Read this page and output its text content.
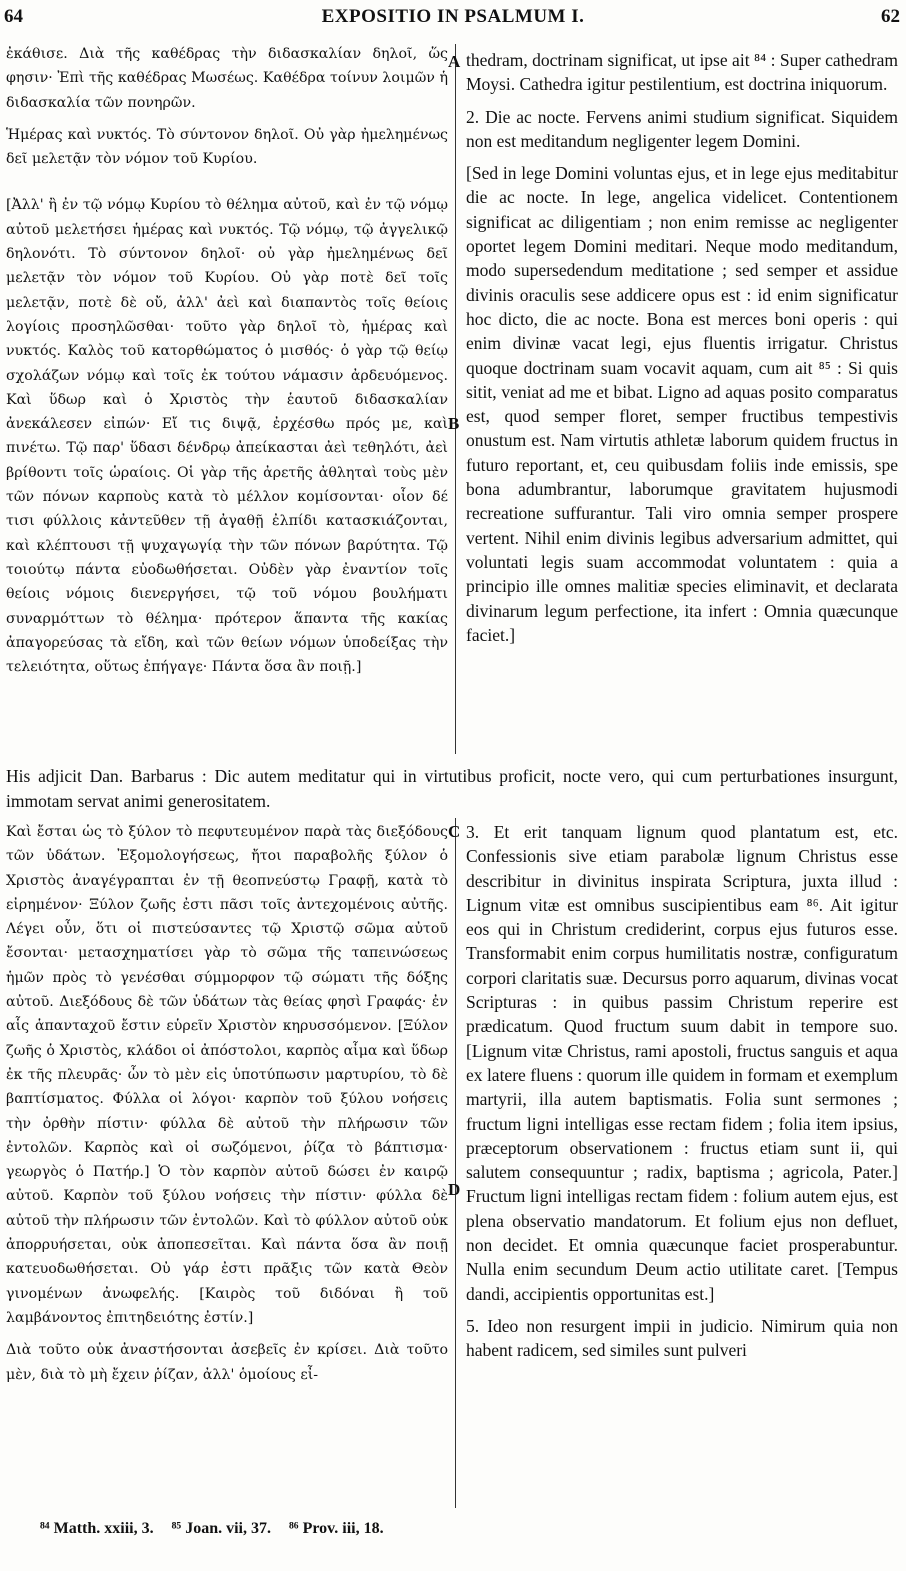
64	EXPOSITIO IN PSALMUM I.	62
A
B
C
D

ἐκάθισε. Διὰ τῆς καθέδρας τὴν διδασκαλίαν δηλοῖ, ὥς φησιν· Ἐπὶ τῆς καθέδρας Μωσέως. Καθέδρα τοίνυν λοιμῶν ἡ διδασκαλία τῶν πονηρῶν.

Ἡμέρας καὶ νυκτός. Τὸ σύντονον δηλοῖ. Οὐ γὰρ ἠμελημένως δεῖ μελετᾷν τὸν νόμον τοῦ Κυρίου.

[Ἀλλ' ἢ ἐν τῷ νόμῳ Κυρίου τὸ θέλημα αὐτοῦ, καὶ ἐν τῷ νόμῳ αὐτοῦ μελετήσει ἡμέρας καὶ νυκτός. Τῷ νόμῳ, τῷ ἀγγελικῷ δηλονότι. Τὸ σύντονον δηλοῖ· οὐ γὰρ ἠμελημένως δεῖ μελετᾷν τὸν νόμον τοῦ Κυρίου. Οὐ γὰρ ποτὲ δεῖ τοῖς μελετᾷν, ποτὲ δὲ οὔ, ἀλλ' ἀεὶ καὶ διαπαντὸς τοῖς θείοις λογίοις προσηλῶσθαι· τοῦτο γὰρ δηλοῖ τὸ, ἡμέρας καὶ νυκτός. Καλὸς τοῦ κατορθώματος ὁ μισθός· ὁ γὰρ τῷ θείῳ σχολάζων νόμῳ καὶ τοῖς ἐκ τούτου νάμασιν ἀρδευόμενος. Καὶ ὕδωρ καὶ ὁ Χριστὸς τὴν ἑαυτοῦ διδασκαλίαν ἀνεκάλεσεν εἰπών· Εἴ τις διψᾷ, ἐρχέσθω πρός με, καὶ πινέτω. Τῷ παρ' ὕδασι δένδρῳ ἀπείκασται ἀεὶ τεθηλότι, ἀεὶ βρίθοντι τοῖς ὡραίοις. Οἱ γὰρ τῆς ἀρετῆς ἀθληταὶ τοὺς μὲν τῶν πόνων καρποὺς κατὰ τὸ μέλλον κομίσονται· οἷον δέ τισι φύλλοις κἀντεῦθεν τῇ ἀγαθῇ ἐλπίδι κατασκιάζονται, καὶ κλέπτουσι τῇ ψυχαγωγίᾳ τὴν τῶν πόνων βαρύτητα. Τῷ τοιούτῳ πάντα εὐοδωθήσεται. Οὐδὲν γὰρ ἐναντίον τοῖς θείοις νόμοις διενεργήσει, τῷ τοῦ νόμου βουλήματι συναρμόττων τὸ θέλημα· πρότερον ἅπαντα τῆς κακίας ἀπαγορεύσας τὰ εἴδη, καὶ τῶν θείων νόμων ὑποδείξας τὴν τελειότητα, οὕτως ἐπήγαγε· Πάντα ὅσα ἂν ποιῇ.]

thedram, doctrinam significat, ut ipse ait ⁸⁴ : Super cathedram Moysi. Cathedra igitur pestilentium, est doctrina iniquorum.

2. Die ac nocte. Fervens animi studium significat. Siquidem non est meditandum negligenter legem Domini.

[Sed in lege Domini voluntas ejus, et in lege ejus meditabitur die ac nocte. In lege, angelica videlicet. Contentionem significat ac diligentiam ; non enim remisse ac negligenter oportet legem Domini meditari. Neque modo meditandum, modo supersedendum meditatione ; sed semper et assidue divinis oraculis sese addicere opus est : id enim significatur hoc dicto, die ac nocte. Bona est merces boni operis : qui enim divinæ vacat legi, ejus fluentis irrigatur. Christus quoque doctrinam suam vocavit aquam, cum ait ⁸⁵ : Si quis sitit, veniat ad me et bibat. Ligno ad aquas posito comparatus est, quod semper floret, semper fructibus tempestivis onustum est. Nam virtutis athletæ laborum quidem fructus in futuro reportant, et, ceu quibusdam foliis inde emissis, spe bona adumbrantur, laborumque gravitatem hujusmodi recreatione suffurantur. Tali viro omnia semper prospere vertent. Nihil enim divinis legibus adversarium admittet, qui voluntati legis suam accommodat voluntatem : quia a principio ille omnes malitiæ species eliminavit, et declarata divinarum legum perfectione, ita infert : Omnia quæcunque faciet.]

His adjicit Dan. Barbarus : Dic autem meditatur qui in virtutibus proficit, nocte vero, qui cum perturbationes insurgunt, immotam servat animi generositatem.

Καὶ ἔσται ὡς τὸ ξύλον τὸ πεφυτευμένον παρὰ τὰς διεξόδους τῶν ὑδάτων. Ἐξομολογήσεως, ἤτοι παραβολῆς ξύλον ὁ Χριστὸς ἀναγέγραπται ἐν τῇ θεοπνεύστῳ Γραφῇ, κατὰ τὸ εἰρημένον· Ξύλον ζωῆς ἐστι πᾶσι τοῖς ἀντεχομένοις αὐτῆς. Λέγει οὖν, ὅτι οἱ πιστεύσαντες τῷ Χριστῷ σῶμα αὐτοῦ ἔσονται· μετασχηματίσει γὰρ τὸ σῶμα τῆς ταπεινώσεως ἡμῶν πρὸς τὸ γενέσθαι σύμμορφον τῷ σώματι τῆς δόξης αὐτοῦ. Διεξόδους δὲ τῶν ὑδάτων τὰς θείας φησὶ Γραφάς· ἐν αἷς ἁπανταχοῦ ἔστιν εὑρεῖν Χριστὸν κηρυσσόμενον. [Ξύλον ζωῆς ὁ Χριστὸς, κλάδοι οἱ ἀπόστολοι, καρπὸς αἷμα καὶ ὕδωρ ἐκ τῆς πλευρᾶς· ὧν τὸ μὲν εἰς ὑποτύπωσιν μαρτυρίου, τὸ δὲ βαπτίσματος. Φύλλα οἱ λόγοι· καρπὸν τοῦ ξύλου νοήσεις τὴν ὀρθὴν πίστιν· φύλλα δὲ αὐτοῦ τὴν πλήρωσιν τῶν ἐντολῶν. Καρπὸς καὶ οἱ σωζόμενοι, ῥίζα τὸ βάπτισμα· γεωργὸς ὁ Πατήρ.] Ὁ τὸν καρπὸν αὐτοῦ δώσει ἐν καιρῷ αὐτοῦ. Καρπὸν τοῦ ξύλου νοήσεις τὴν πίστιν· φύλλα δὲ αὐτοῦ τὴν πλήρωσιν τῶν ἐντολῶν. Καὶ τὸ φύλλον αὐτοῦ οὐκ ἀπορρυήσεται, οὐκ ἀποπεσεῖται. Καὶ πάντα ὅσα ἂν ποιῇ κατευοδωθήσεται. Οὐ γάρ ἐστι πρᾶξις τῶν κατὰ Θεὸν γινομένων ἀνωφελής. [Καιρὸς τοῦ διδόναι ἢ τοῦ λαμβάνοντος ἐπιτηδειότης ἐστίν.]

Διὰ τοῦτο οὐκ ἀναστήσονται ἀσεβεῖς ἐν κρίσει. Διὰ τοῦτο μὲν, διὰ τὸ μὴ ἔχειν ῥίζαν, ἀλλ' ὁμοίους εἶ-

3. Et erit tanquam lignum quod plantatum est, etc. Confessionis sive etiam parabolæ lignum Christus esse describitur in divinitus inspirata Scriptura, juxta illud : Lignum vitæ est omnibus suscipientibus eam ⁸⁶. Ait igitur eos qui in Christum crediderint, corpus ejus futuros esse. Transformabit enim corpus humilitatis nostræ, configuratum corpori claritatis suæ. Decursus porro aquarum, divinas vocat Scripturas : in quibus passim Christum reperire est prædicatum. Quod fructum suum dabit in tempore suo. [Lignum vitæ Christus, rami apostoli, fructus sanguis et aqua ex latere fluens : quorum ille quidem in formam et exemplum martyrii, illa autem baptismatis. Folia sunt sermones ; fructum ligni intelligas esse rectam fidem ; folia item ipsius, præceptorum observationem : fructus etiam sunt ii, qui salutem consequuntur ; radix, baptisma ; agricola, Pater.] Fructum ligni intelligas rectam fidem : folium autem ejus, est plena observatio mandatorum. Et folium ejus non defluet, non decidet. Et omnia quæcunque faciet prosperabuntur. Nulla enim secundum Deum actio utilitate caret. [Tempus dandi, accipientis opportunitas est.]

5. Ideo non resurgent impii in judicio. Nimirum quia non habent radicem, sed similes sunt pulveri

⁸⁴ Matth. xxiii, 3. ⁸⁵ Joan. vii, 37. ⁸⁶ Prov. iii, 18.
